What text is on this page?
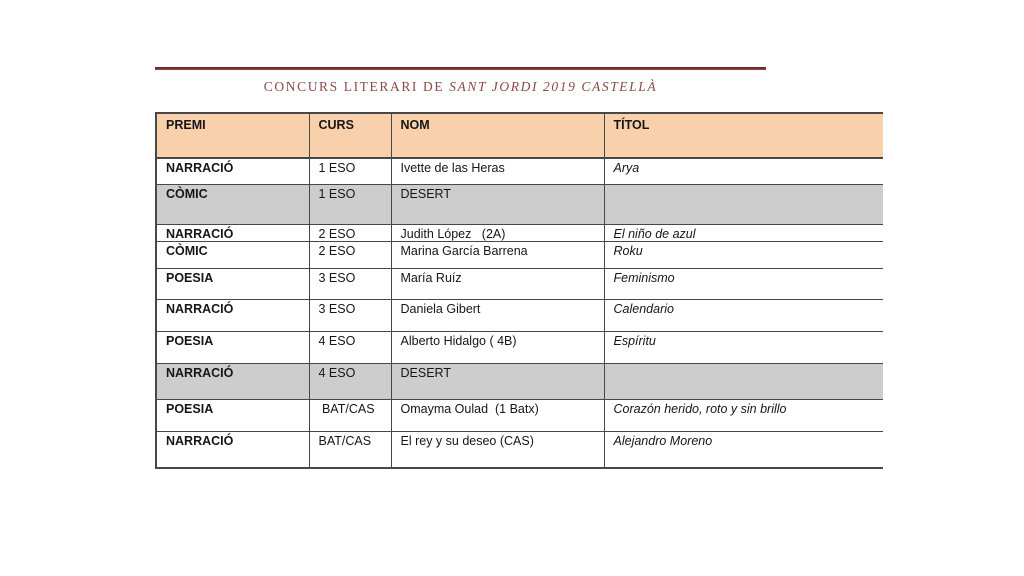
CONCURS LITERARI DE SANT JORDI 2019 CASTELLÀ
PREMI	CURS	NOM	TÍTOL
NARRACIÓ	1 ESO	Ivette de las Heras	Arya
CÒMIC	1 ESO	DESERT	
NARRACIÓ	2 ESO	Judith López   (2A)	El niño de azul
CÒMIC	2 ESO	Marina García Barrena	Roku
POESIA	3 ESO	María Ruíz	Feminismo
NARRACIÓ	3 ESO	Daniela Gibert	Calendario
POESIA	4 ESO	Alberto Hidalgo ( 4B)	Espíritu
NARRACIÓ	4 ESO	DESERT	
POESIA	BAT/CAS	Omayma Oulad  (1 Batx)	Corazón herido, roto y sin brillo
NARRACIÓ	BAT/CAS	El rey y su deseo (CAS)	Alejandro Moreno
